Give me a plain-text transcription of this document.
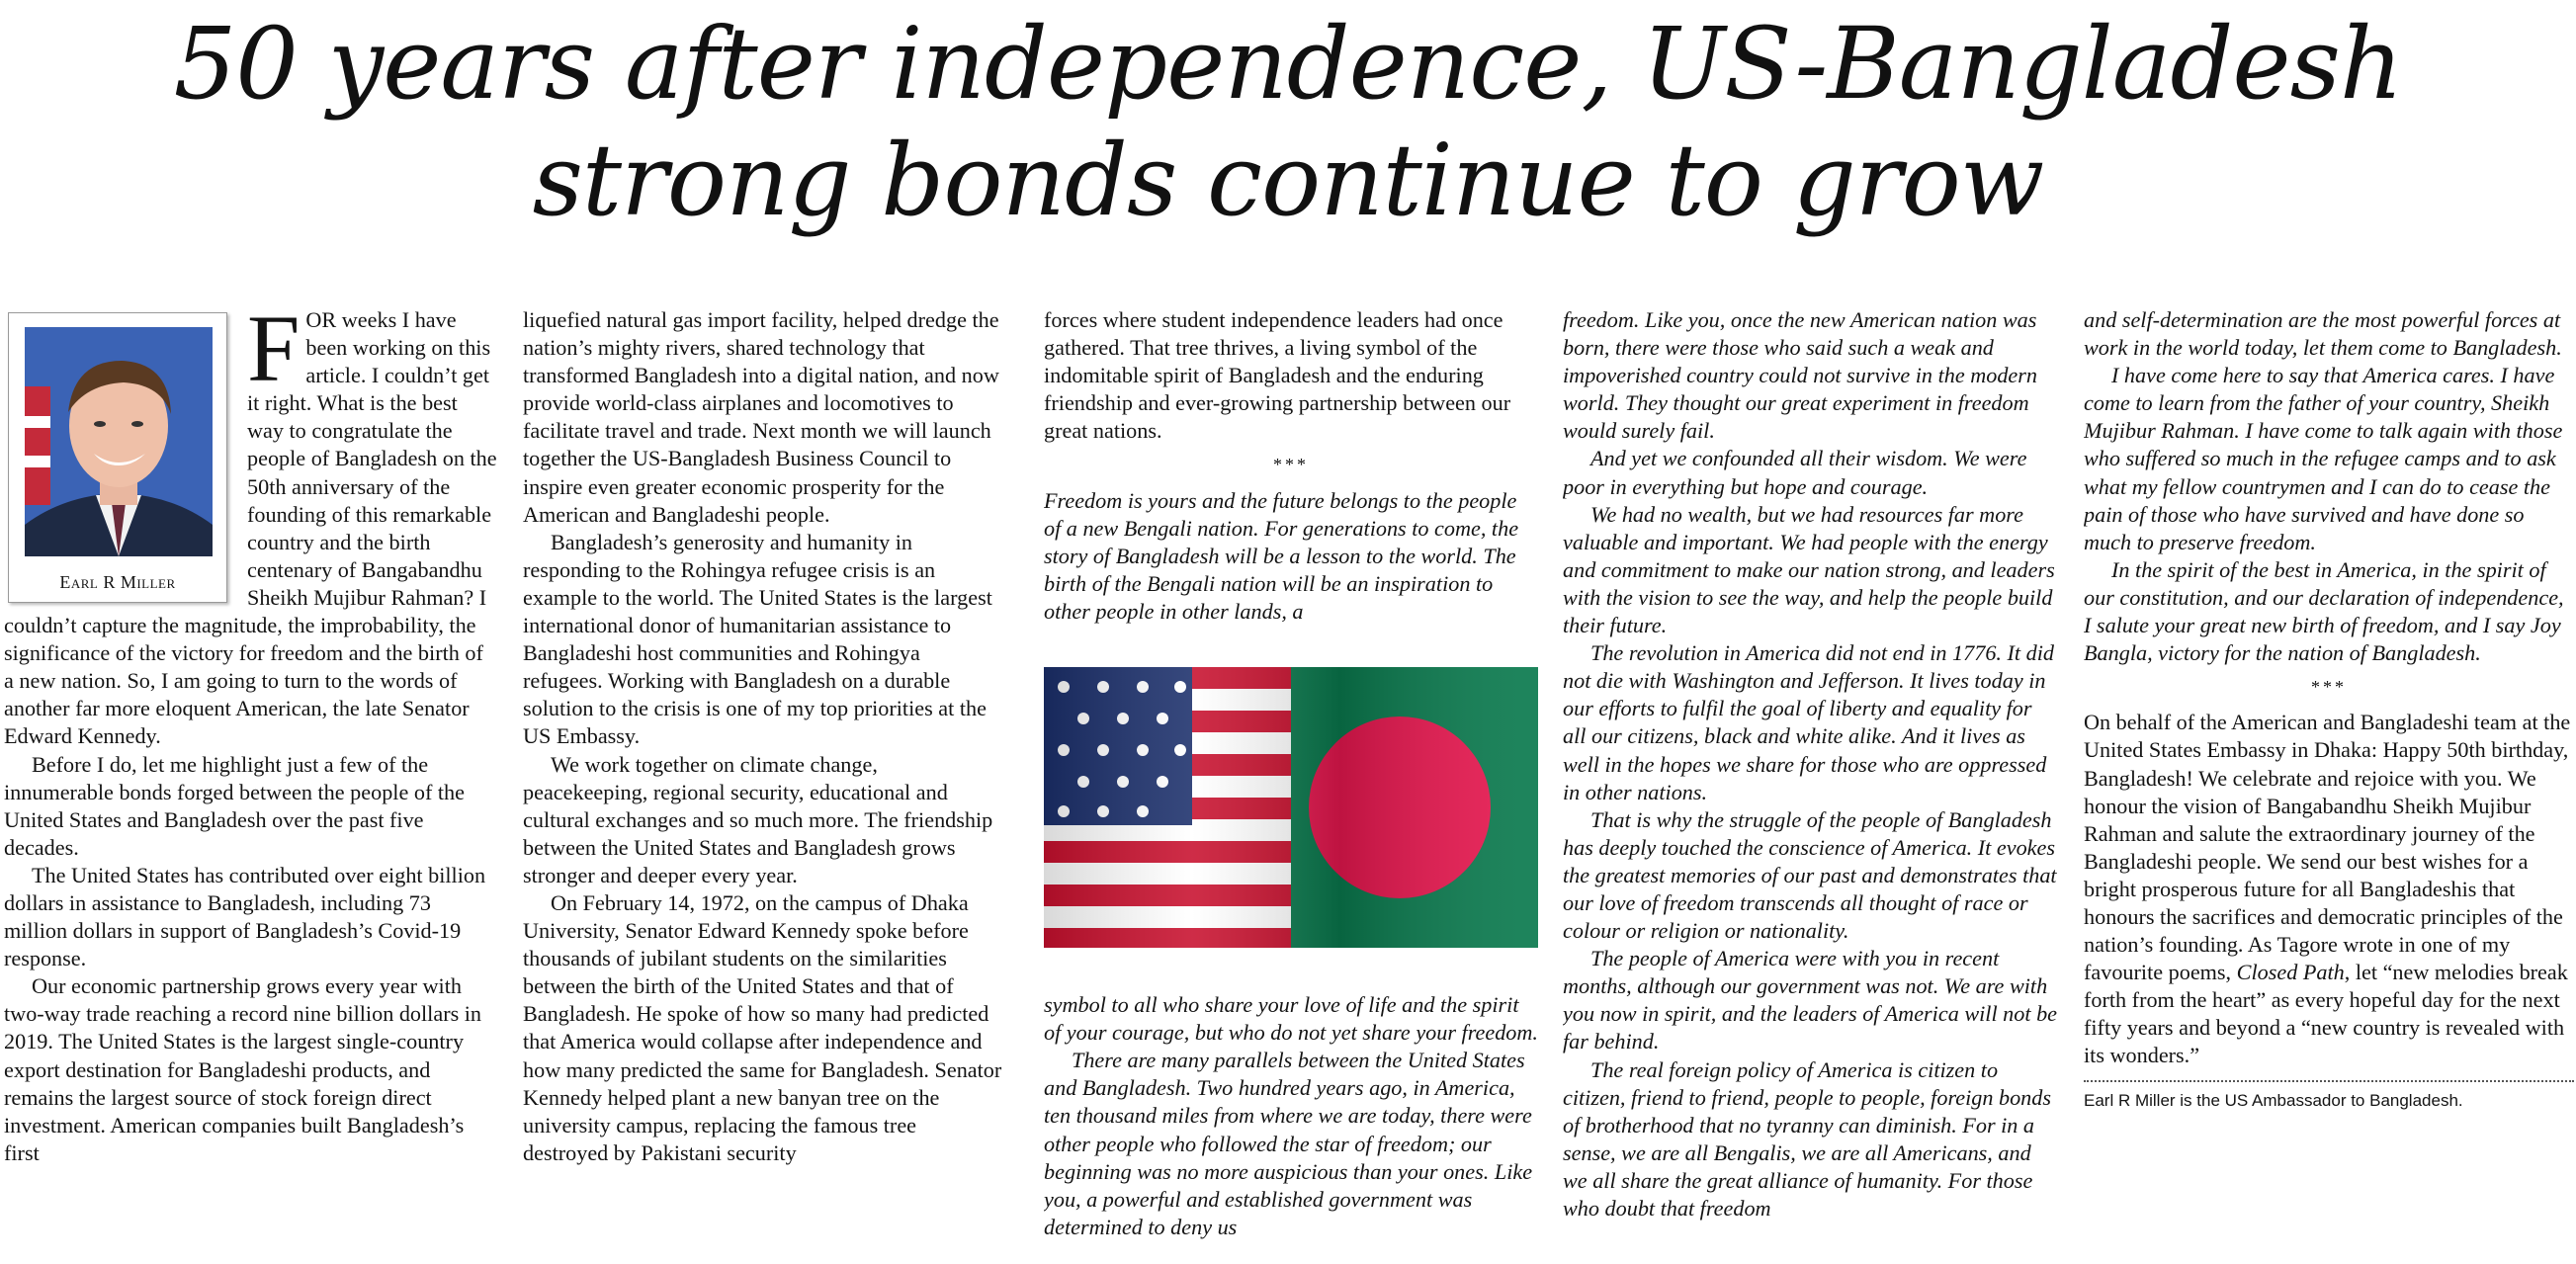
50 years after independence, US-Bangladesh
strong bonds continue to grow
Earl R Miller

FOR weeks I have been working on this article. I couldn’t get it right. What is the best way to congratulate the people of Bangladesh on the 50th anniversary of the founding of this remarkable country and the birth centenary of Bangabandhu Sheikh Mujibur Rahman? I couldn’t capture the magnitude, the improbability, the significance of the victory for freedom and the birth of a new nation. So, I am going to turn to the words of another far more eloquent American, the late Senator Edward Kennedy.

Before I do, let me highlight just a few of the innumerable bonds forged between the people of the United States and Bangladesh over the past five decades.

The United States has contributed over eight billion dollars in assistance to Bangladesh, including 73 million dollars in support of Bangladesh’s Covid-19 response.

Our economic partnership grows every year with two-way trade reaching a record nine billion dollars in 2019. The United States is the largest single-country export destination for Bangladeshi products, and remains the largest source of stock foreign direct investment. American companies built Bangladesh’s first

liquefied natural gas import facility, helped dredge the nation’s mighty rivers, shared technology that transformed Bangladesh into a digital nation, and now provide world-class airplanes and locomotives to facilitate travel and trade. Next month we will launch together the US-Bangladesh Business Council to inspire even greater economic prosperity for the American and Bangladeshi people.

Bangladesh’s generosity and humanity in responding to the Rohingya refugee crisis is an example to the world. The United States is the largest international donor of humanitarian assistance to Bangladeshi host communities and Rohingya refugees. Working with Bangladesh on a durable solution to the crisis is one of my top priorities at the US Embassy.

We work together on climate change, peacekeeping, regional security, educational and cultural exchanges and so much more. The friendship between the United States and Bangladesh grows stronger and deeper every year.

On February 14, 1972, on the campus of Dhaka University, Senator Edward Kennedy spoke before thousands of jubilant students on the similarities between the birth of the United States and that of Bangladesh. He spoke of how so many had predicted that America would collapse after independence and how many predicted the same for Bangladesh. Senator Kennedy helped plant a new banyan tree on the university campus, replacing the famous tree destroyed by Pakistani security

forces where student independence leaders had once gathered. That tree thrives, a living symbol of the indomitable spirit of Bangladesh and the enduring friendship and ever-growing partnership between our great nations.

***

Freedom is yours and the future belongs to the people of a new Bengali nation. For generations to come, the story of Bangladesh will be a lesson to the world. The birth of the Bengali nation will be an inspiration to other people in other lands, a

symbol to all who share your love of life and the spirit of your courage, but who do not yet share your freedom.

There are many parallels between the United States and Bangladesh. Two hundred years ago, in America, ten thousand miles from where we are today, there were other people who followed the star of freedom; our beginning was no more auspicious than your ones. Like you, a powerful and established government was determined to deny us

freedom. Like you, once the new American nation was born, there were those who said such a weak and impoverished country could not survive in the modern world. They thought our great experiment in freedom would surely fail.

And yet we confounded all their wisdom. We were poor in everything but hope and courage.

We had no wealth, but we had resources far more valuable and important. We had people with the energy and commitment to make our nation strong, and leaders with the vision to see the way, and help the people build their future.

The revolution in America did not end in 1776. It did not die with Washington and Jefferson. It lives today in our efforts to fulfil the goal of liberty and equality for all our citizens, black and white alike. And it lives as well in the hopes we share for those who are oppressed in other nations.

That is why the struggle of the people of Bangladesh has deeply touched the conscience of America. It evokes the greatest memories of our past and demonstrates that our love of freedom transcends all thought of race or colour or religion or nationality.

The people of America were with you in recent months, although our government was not. We are with you now in spirit, and the leaders of America will not be far behind.

The real foreign policy of America is citizen to citizen, friend to friend, people to people, foreign bonds of brotherhood that no tyranny can diminish. For in a sense, we are all Bengalis, we are all Americans, and we all share the great alliance of humanity. For those who doubt that freedom

and self-determination are the most powerful forces at work in the world today, let them come to Bangladesh.

I have come here to say that America cares. I have come to learn from the father of your country, Sheikh Mujibur Rahman. I have come to talk again with those who suffered so much in the refugee camps and to ask what my fellow countrymen and I can do to cease the pain of those who have survived and have done so much to preserve freedom.

In the spirit of the best in America, in the spirit of our constitution, and our declaration of independence, I salute your great new birth of freedom, and I say Joy Bangla, victory for the nation of Bangladesh.

***

On behalf of the American and Bangladeshi team at the United States Embassy in Dhaka: Happy 50th birthday, Bangladesh! We celebrate and rejoice with you. We honour the vision of Bangabandhu Sheikh Mujibur Rahman and salute the extraordinary journey of the Bangladeshi people. We send our best wishes for a bright prosperous future for all Bangladeshis that honours the sacrifices and democratic principles of the nation’s founding. As Tagore wrote in one of my favourite poems, Closed Path, let “new melodies break forth from the heart” as every hopeful day for the next fifty years and beyond a “new country is revealed with its wonders.”

Earl R Miller is the US Ambassador to Bangladesh.
